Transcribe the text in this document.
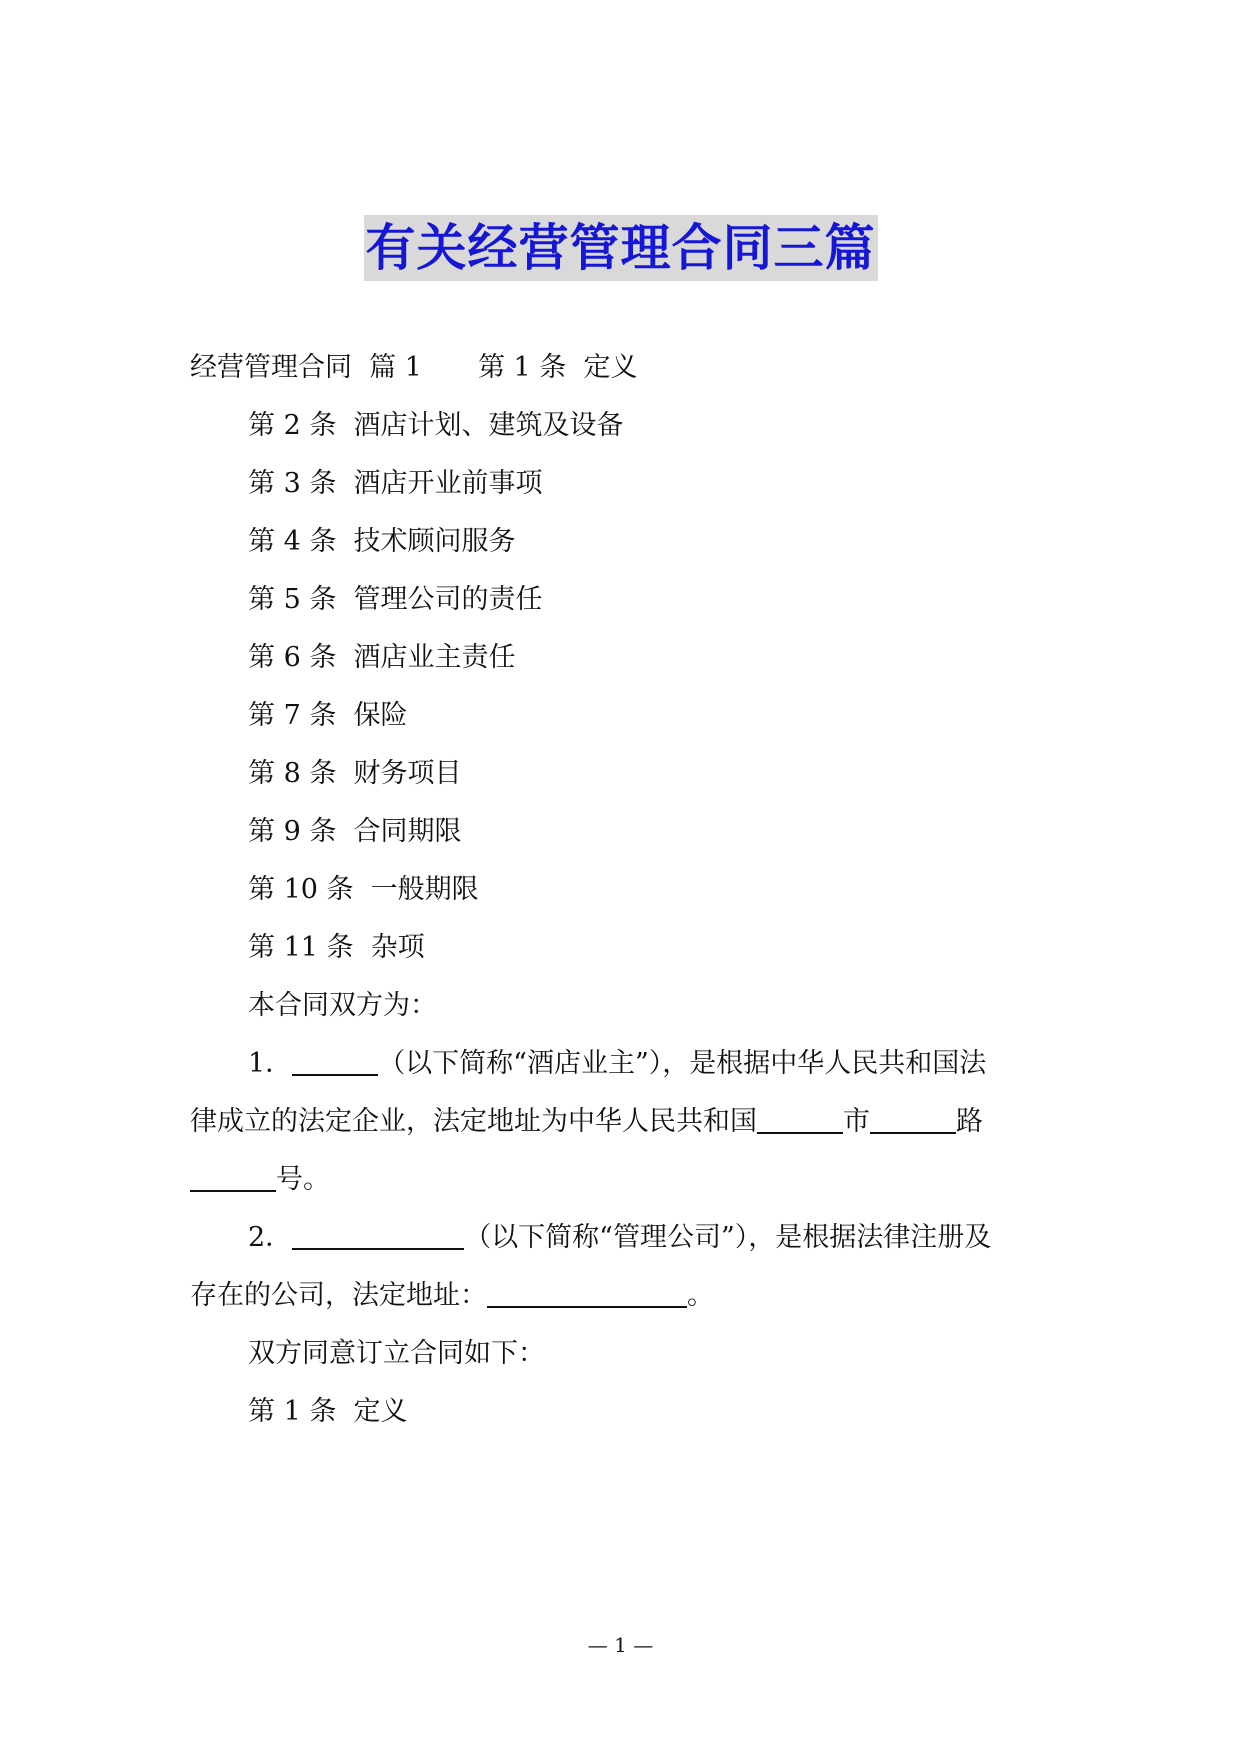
有关经营管理合同三篇
经营管理合同  篇 1 第 1 条  定义
第 2 条  酒店计划、建筑及设备
第 3 条  酒店开业前事项
第 4 条  技术顾问服务
第 5 条  管理公司的责任
第 6 条  酒店业主责任
第 7 条  保险
第 8 条  财务项目
第 9 条  合同期限
第 10 条  一般期限
第 11 条  杂项
本合同双方为：
1．	（以下简称“酒店业主”），是根据中华人民共和国法
律成立的法定企业，法定地址为中华人民共和国	市	路
号。
2．	（以下简称“管理公司”），是根据法律注册及
存在的公司，法定地址：	。
双方同意订立合同如下：
第 1 条  定义
— 1 —
